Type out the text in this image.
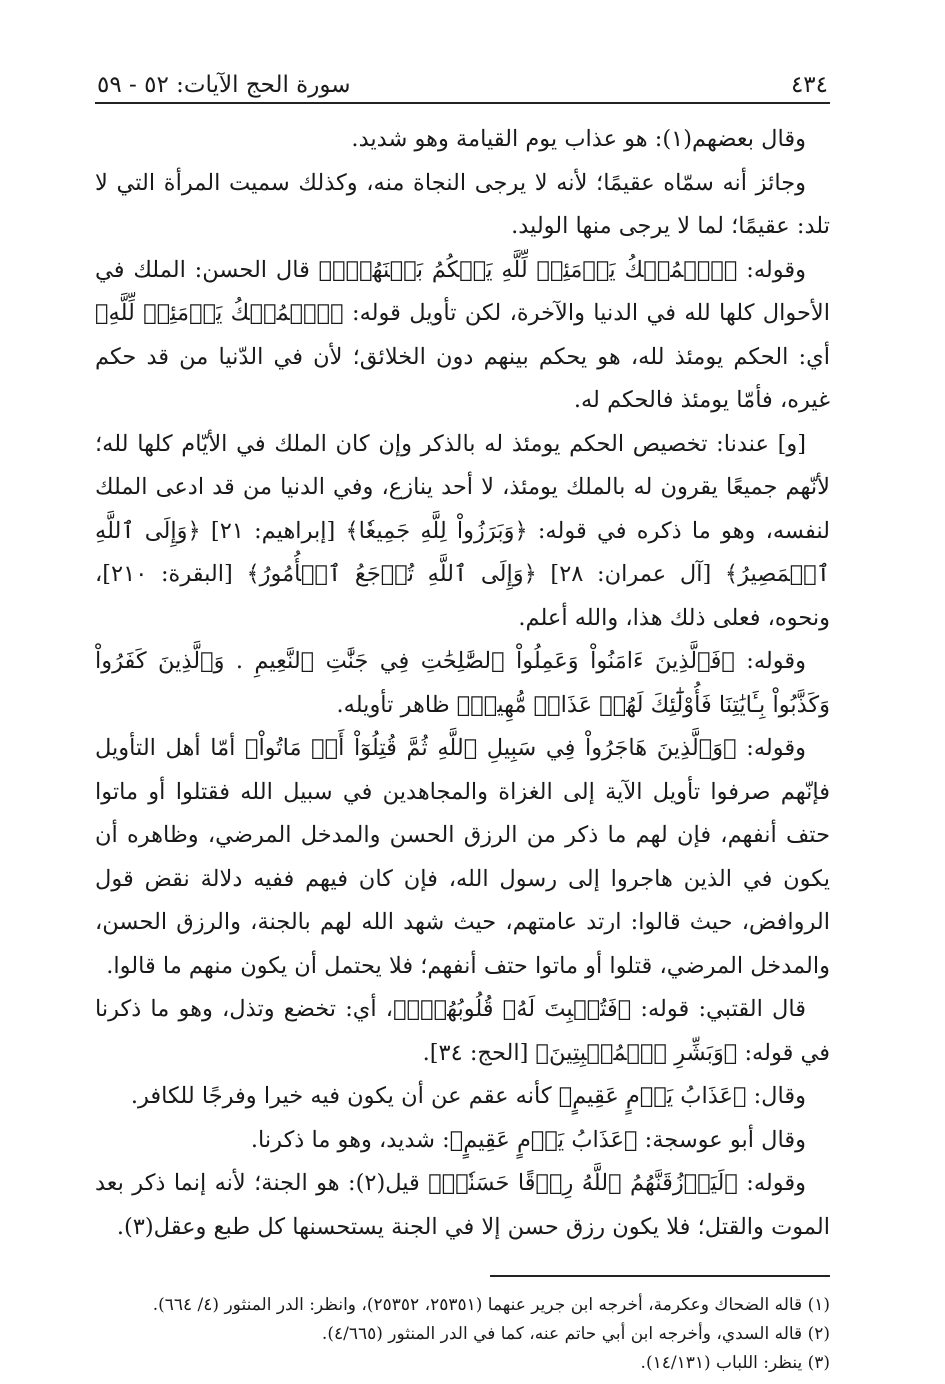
٤٣٤
سورة الحج الآيات: ٥٢ - ٥٩

وقال بعضهم(١): هو عذاب يوم القيامة وهو شديد.

وجائز أنه سمّاه عقيمًا؛ لأنه لا يرجى النجاة منه، وكذلك سميت المرأة التي لا تلد: عقيمًا؛ لما لا يرجى منها الوليد.

وقوله: ﴿ٱلۡمُلۡكُ يَوۡمَئِذٖ لِّلَّهِ يَحۡكُمُ بَيۡنَهُمۡۚ﴾ قال الحسن: الملك في الأحوال كلها لله في الدنيا والآخرة، لكن تأويل قوله: ﴿ٱلۡمُلۡكُ يَوۡمَئِذٖ لِّلَّهِ﴾ أي: الحكم يومئذ لله، هو يحكم بينهم دون الخلائق؛ لأن في الدّنيا من قد حكم غيره، فأمّا يومئذ فالحكم له.

[و] عندنا: تخصيص الحكم يومئذ له بالذكر وإن كان الملك في الأيّام كلها لله؛ لأنّهم جميعًا يقرون له بالملك يومئذ، لا أحد ينازع، وفي الدنيا من قد ادعى الملك لنفسه، وهو ما ذكره في قوله: ﴿وَبَرَزُواْ لِلَّهِ جَمِيعٗا﴾ [إبراهيم: ٢١] ﴿وَإِلَى ٱللَّهِ ٱلۡمَصِيرُ﴾ [آل عمران: ٢٨] ﴿وَإِلَى ٱللَّهِ تُرۡجَعُ ٱلۡأُمُورُ﴾ [البقرة: ٢١٠]، ونحوه، فعلى ذلك هذا، والله أعلم.

وقوله: ﴿فَٱلَّذِينَ ءَامَنُواْ وَعَمِلُواْ ٱلصَّٰلِحَٰتِ فِي جَنَّٰتِ ٱلنَّعِيمِ . وَٱلَّذِينَ كَفَرُواْ وَكَذَّبُواْ بِـَٔايَٰتِنَا فَأُوْلَٰٓئِكَ لَهُمۡ عَذَابٞ مُّهِينٞ﴾ ظاهر تأويله.

وقوله: ﴿وَٱلَّذِينَ هَاجَرُواْ فِي سَبِيلِ ٱللَّهِ ثُمَّ قُتِلُوٓاْ أَوۡ مَاتُواْ﴾ أمّا أهل التأويل فإنّهم صرفوا تأويل الآية إلى الغزاة والمجاهدين في سبيل الله فقتلوا أو ماتوا حتف أنفهم، فإن لهم ما ذكر من الرزق الحسن والمدخل المرضي، وظاهره أن يكون في الذين هاجروا إلى رسول الله، فإن كان فيهم ففيه دلالة نقض قول الروافض، حيث قالوا: ارتد عامتهم، حيث شهد الله لهم بالجنة، والرزق الحسن، والمدخل المرضي، قتلوا أو ماتوا حتف أنفهم؛ فلا يحتمل أن يكون منهم ما قالوا.

قال القتبي: قوله: ﴿فَتُخۡبِتَ لَهُۥ قُلُوبُهُمۡۗ﴾، أي: تخضع وتذل، وهو ما ذكرنا في قوله: ﴿وَبَشِّرِ ٱلۡمُخۡبِتِينَ﴾ [الحج: ٣٤].

وقال: ﴿عَذَابُ يَوۡمٍ عَقِيمٍ﴾ كأنه عقم عن أن يكون فيه خيرا وفرجًا للكافر.

وقال أبو عوسجة: ﴿عَذَابُ يَوۡمٍ عَقِيمٍ﴾: شديد، وهو ما ذكرنا.

وقوله: ﴿لَيَرۡزُقَنَّهُمُ ٱللَّهُ رِزۡقًا حَسَنٗاۚ﴾ قيل(٢): هو الجنة؛ لأنه إنما ذكر بعد الموت والقتل؛ فلا يكون رزق حسن إلا في الجنة يستحسنها كل طبع وعقل(٣).

(١) قاله الضحاك وعكرمة، أخرجه ابن جرير عنهما (٢٥٣٥١، ٢٥٣٥٢)، وانظر: الدر المنثور (٤/ ٦٦٤).

(٢) قاله السدي، وأخرجه ابن أبي حاتم عنه، كما في الدر المنثور (٤/٦٦٥).

(٣) ينظر: اللباب (١٤/١٣١).
